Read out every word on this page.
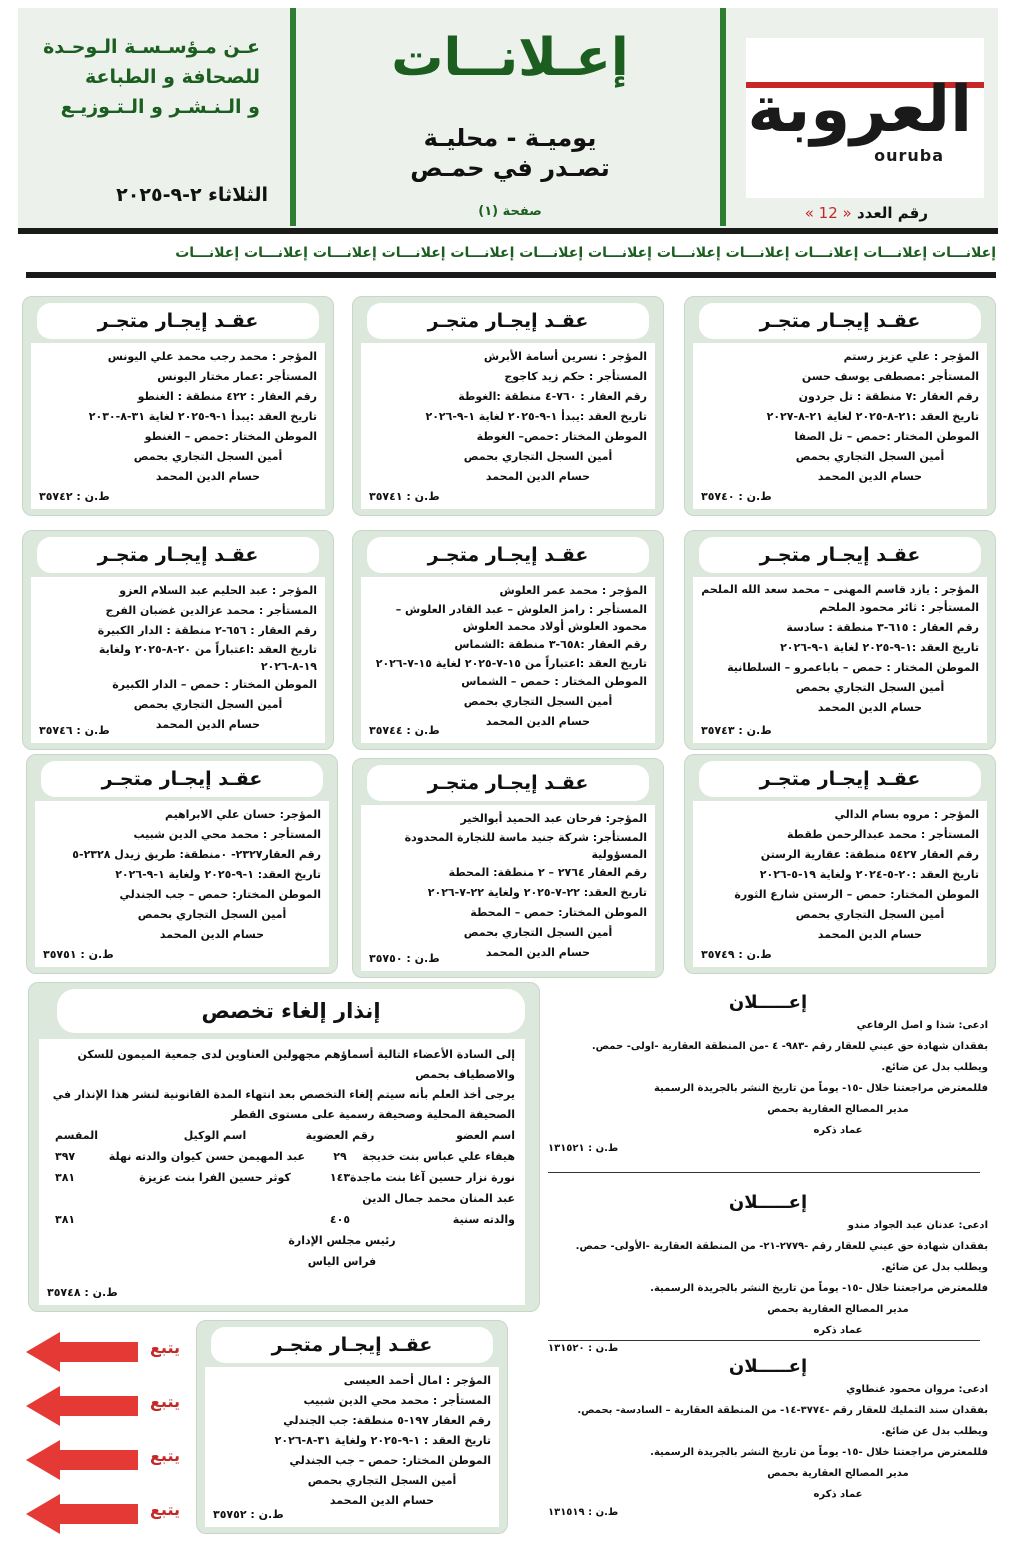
العروبة
ouruba
رقم العدد « 12 »
إعـلانــات
يوميـة - محليـة
تصـدر في حمـص
صفحة (١)
عـن مـؤسـسـة الـوحـدة
للصحافة و الطباعة
و الـنـشـر و الـتـوزيـع
الثلاثاء ٢-٩-٢٠٢٥
إعلانـــات إعلانـــات إعلانـــات إعلانـــات إعلانـــات إعلانـــات إعلانـــات إعلانـــات إعلانـــات إعلانـــات إعلانـــات إعلانـــات
عقـد إيجـار متجـر
المؤجر : علي عزيز رستم
المستأجر :مصطفى يوسف حسن
رقم العقار :٧ منطقة : تل جردون
تاريخ العقد :٢١-٨-٢٠٢٥ لغاية ٢١-٨-٢٠٢٧
الموطن المختار :حمص – تل الصفا
أمين السجل التجاري بحمص
حسام الدين المحمد
ط.ن : ٣٥٧٤٠
عقـد إيجـار متجـر
المؤجر : نسرين أسامة الأبرش
المستأجر : حكم زيد كاجوج
رقم العقار : ٧٦٠-٤ منطقة :الغوطة
تاريخ العقد :يبدأ ١-٩-٢٠٢٥ لغاية ١-٩-٢٠٢٦
الموطن المختار :حمص– الغوطة
أمين السجل التجاري بحمص
حسام الدين المحمد
ط.ن : ٣٥٧٤١
عقـد إيجـار متجـر
المؤجر : محمد رجب محمد علي اليونس
المستأجر :عمار مختار اليونس
رقم العقار : ٤٢٢ منطقة : الغنطو
تاريخ العقد :يبدأ ١-٩-٢٠٢٥ لغاية ٣١-٨-٢٠٣٠
الموطن المختار :حمص – الغنطو
أمين السجل التجاري بحمص
حسام الدين المحمد
ط.ن : ٣٥٧٤٢
عقـد إيجـار متجـر
المؤجر : يازد قاسم المهنى – محمد سعد الله الملحم
المستأجر : ثائر محمود الملحم
رقم العقار : ٦١٥-٣ منطقة : سادسة
تاريخ العقد :١-٩-٢٠٢٥ لغاية ١-٩-٢٠٢٦
الموطن المختار : حمص – باباعمرو – السلطانية
أمين السجل التجاري بحمص
حسام الدين المحمد
ط.ن : ٣٥٧٤٣
عقـد إيجـار متجـر
المؤجر : محمد عمر العلوش
المستأجر : رامز العلوش – عبد القادر العلوش – محمود العلوش أولاد محمد العلوش
رقم العقار :٦٥٨-٣ منطقة :الشماس
تاريخ العقد :اعتباراً من ١٥-٧-٢٠٢٥ لغاية ١٥-٧-٢٠٢٦
الموطن المختار : حمص – الشماس
أمين السجل التجاري بحمص
حسام الدين المحمد
ط.ن : ٣٥٧٤٤
عقـد إيجـار متجـر
المؤجر : عبد الحليم عبد السلام العزو
المستأجر : محمد عزالدين غضبان الفرج
رقم العقار : ٦٥٦-٢ منطقة : الدار الكبيرة
تاريخ العقد :اعتباراً من ٢٠-٨-٢٠٢٥ ولغاية ١٩-٨-٢٠٢٦
الموطن المختار : حمص – الدار الكبيرة
أمين السجل التجاري بحمص
حسام الدين المحمد
ط.ن : ٣٥٧٤٦
عقـد إيجـار متجـر
المؤجر : مروه بسام الدالي
المستأجر : محمد عبدالرحمن طقطة
رقم العقار ٥٤٢٧ منطقة: عقارية الرستن
تاريخ العقد :٢٠-٥-٢٠٢٤ ولغاية ١٩-٥-٢٠٢٦
الموطن المختار: حمص – الرستن شارع الثورة
أمين السجل التجاري بحمص
حسام الدين المحمد
ط.ن : ٣٥٧٤٩
عقـد إيجـار متجـر
المؤجر: فرحان عبد الحميد أبوالخير
المستأجر: شركة جنيد ماسة للتجارة المحدودة المسؤولية
رقم العقار ٢٧٦٤ – ٢ منطقة: المحطة
تاريخ العقد: ٢٢-٧-٢٠٢٥ ولغاية ٢٢-٧-٢٠٢٦
الموطن المختار: حمص – المحطة
أمين السجل التجاري بحمص
حسام الدين المحمد
ط.ن : ٣٥٧٥٠
عقـد إيجـار متجـر
المؤجر: حسان علي الابراهيم
المستأجر : محمد محي الدين شبيب
رقم العقار٢٣٢٧- ٠منطقة: طريق زيدل ٢٣٢٨-٥
تاريخ العقد: ١-٩-٢٠٢٥ ولغاية ١-٩-٢٠٢٦
الموطن المختار: حمص – جب الجندلي
أمين السجل التجاري بحمص
حسام الدين المحمد
ط.ن : ٣٥٧٥١
عقـد إيجـار متجـر
المؤجر : امال أحمد العيسى
المستأجر : محمد محي الدين شبيب
رقم العقار ١٩٧-٥ منطقة: جب الجندلي
تاريخ العقد : ١-٩-٢٠٢٥ ولغاية ٣١-٨-٢٠٢٦
الموطن المختار: حمص – جب الجندلي
أمين السجل التجاري بحمص
حسام الدين المحمد
ط.ن : ٣٥٧٥٢
إنذار إلغاء تخصص
إلى السادة الأعضاء التالية أسماؤهم مجهولين العناوين لدى جمعية الميمون للسكن والاصطياف بحمص
يرجى أخذ العلم بأنه سيتم إلغاء التخصص بعد انتهاء المدة القانونية لنشر هذا الإنذار في الصحيفة المحلية وصحيفة رسمية على مستوى القطر
اسم العضو
رقم العضوية
اسم الوكيل
المقسم
هيفاء علي عباس بنت خديجة
٢٩
عبد المهيمن حسن كيوان والدته نهلة
٣٩٧
نورة نزار حسين آغا بنت ماجدة
١٤٣
كوثر حسين الفرا بنت عزيزة
٣٨١
عبد المنان محمد جمال الدين
والدته سنية
٤٠٥
٣٨١
رئيس مجلس الإدارة
فراس الياس
ط.ن : ٣٥٧٤٨
إعـــــلان
ادعى: شذا و اصل الرفاعي
بفقدان شهادة حق عيني للعقار رقم -٩٨٣- ٤ -من المنطقة العقارية -اولى- حمص.
ويطلب بدل عن ضائع.
فللمعترض مراجعتنا خلال -١٥- يوماً من تاريخ النشر بالجريدة الرسمية
مدير المصالح العقارية بحمص
عماد ذكره
ط.ن : ١٣١٥٢١
إعـــــلان
ادعى: عدنان عبد الجواد مندو
بفقدان شهادة حق عيني للعقار رقم -٢٧٧٩-٢١- من المنطقة العقارية -الأولى- حمص.
ويطلب بدل عن ضائع.
فللمعترض مراجعتنا خلال -١٥- يوماً من تاريخ النشر بالجريدة الرسمية.
مدير المصالح العقارية بحمص
عماد ذكره
ط.ن : ١٣١٥٢٠
إعـــــلان
ادعى: مروان محمود غنطاوي
بفقدان سند التمليك للعقار رقم -٣٧٧٤-١٤- من المنطقة العقارية – السادسة- بحمص.
ويطلب بدل عن ضائع.
فللمعترض مراجعتنا خلال -١٥- يوماً من تاريخ النشر بالجريدة الرسمية.
مدير المصالح العقارية بحمص
عماد ذكره
ط.ن : ١٣١٥١٩
يتبع
يتبع
يتبع
يتبع
